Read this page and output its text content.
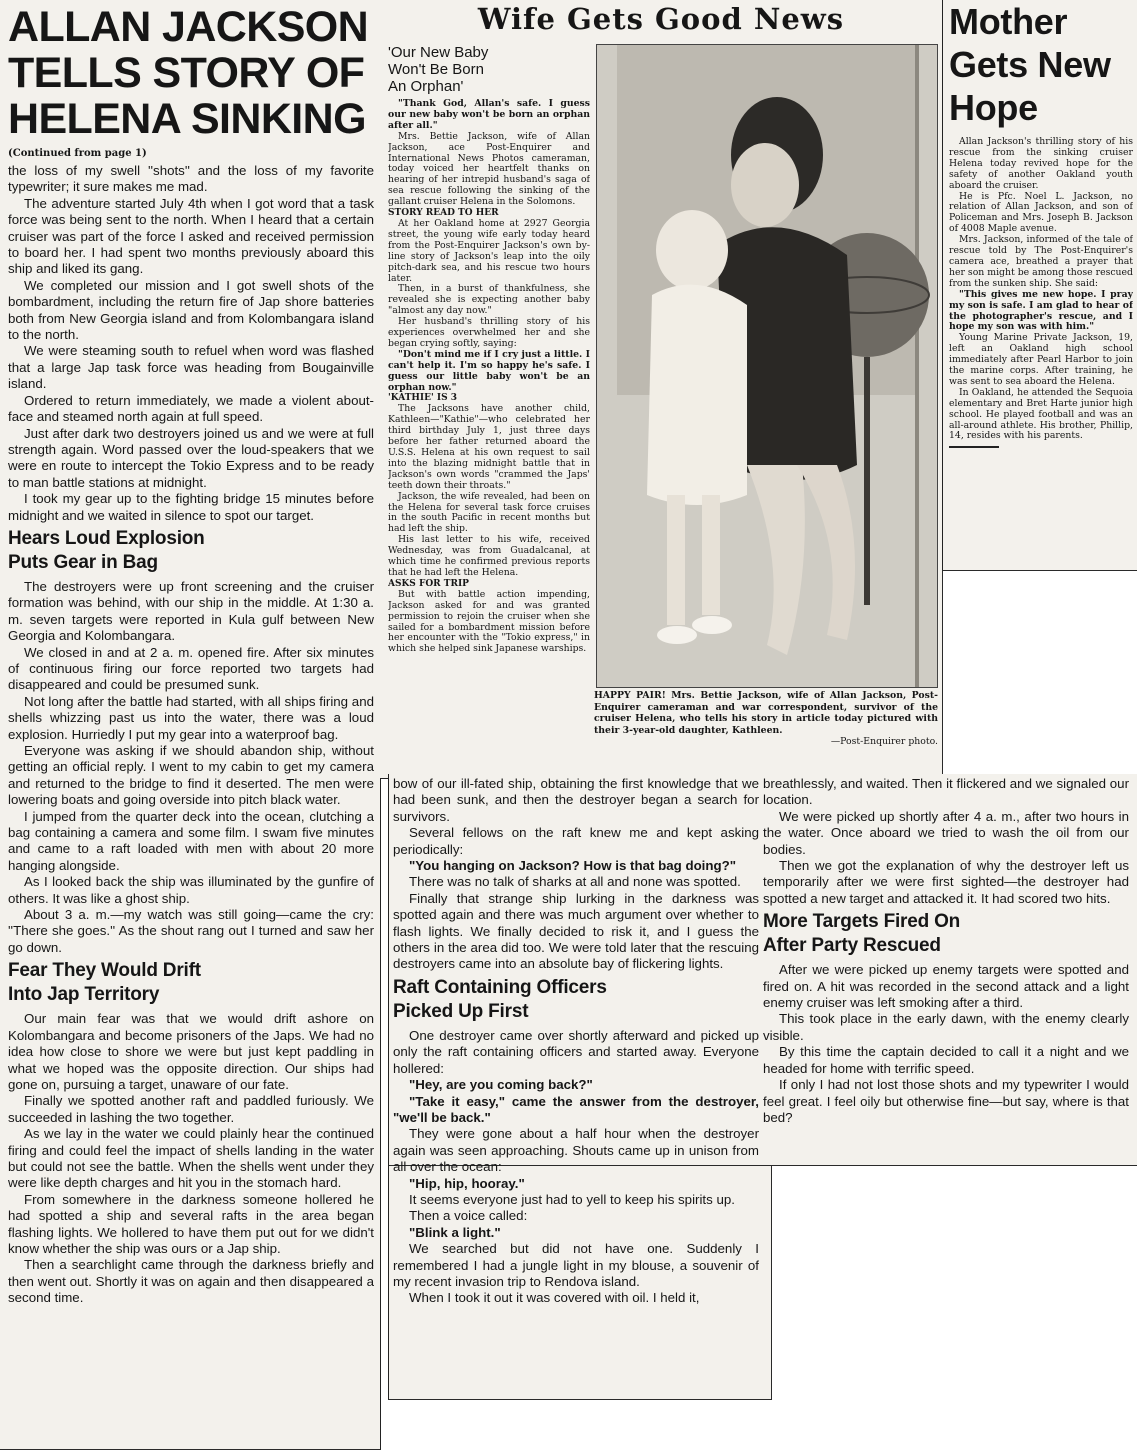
ALLAN JACKSON
TELLS STORY OF
HELENA SINKING
(Continued from page 1)

the loss of my swell ''shots'' and the loss of my favorite typewriter; it sure makes me mad.

The adventure started July 4th when I got word that a task force was being sent to the north. When I heard that a certain cruiser was part of the force I asked and received permission to board her. I had spent two months previously aboard this ship and liked its gang.

We completed our mission and I got swell shots of the bombardment, including the return fire of Jap shore batteries both from New Georgia island and from Kolombangara island to the north.

We were steaming south to refuel when word was flashed that a large Jap task force was heading from Bougainville island.

Ordered to return immediately, we made a violent about-face and steamed north again at full speed.

Just after dark two destroyers joined us and we were at full strength again. Word passed over the loud-speakers that we were en route to intercept the Tokio Express and to be ready to man battle stations at midnight.

I took my gear up to the fighting bridge 15 minutes before midnight and we waited in silence to spot our target.

Hears Loud Explosion
Puts Gear in Bag

The destroyers were up front screening and the cruiser formation was behind, with our ship in the middle. At 1:30 a. m. seven targets were reported in Kula gulf between New Georgia and Kolombangara.

We closed in and at 2 a. m. opened fire. After six minutes of continuous firing our force reported two targets had disappeared and could be presumed sunk.

Not long after the battle had started, with all ships firing and shells whizzing past us into the water, there was a loud explosion. Hurriedly I put my gear into a waterproof bag.

Everyone was asking if we should abandon ship, without getting an official reply. I went to my cabin to get my camera and returned to the bridge to find it deserted. The men were lowering boats and going overside into pitch black water.

I jumped from the quarter deck into the ocean, clutching a bag containing a camera and some film. I swam five minutes and came to a raft loaded with men with about 20 more hanging alongside.

As I looked back the ship was illuminated by the gunfire of others. It was like a ghost ship.

About 3 a. m.—my watch was still going—came the cry: ''There she goes.'' As the shout rang out I turned and saw her go down.

Fear They Would Drift
Into Jap Territory

Our main fear was that we would drift ashore on Kolombangara and become prisoners of the Japs. We had no idea how close to shore we were but just kept paddling in what we hoped was the opposite direction. Our ships had gone on, pursuing a target, unaware of our fate.

Finally we spotted another raft and paddled furiously. We succeeded in lashing the two together.

As we lay in the water we could plainly hear the continued firing and could feel the impact of shells landing in the water but could not see the battle. When the shells went under they were like depth charges and hit you in the stomach hard.

From somewhere in the darkness someone hollered he had spotted a ship and several rafts in the area began flashing lights. We hollered to have them put out for we didn't know whether the ship was ours or a Jap ship.

Then a searchlight came through the darkness briefly and then went out. Shortly it was on again and then disappeared a second time.

Wife Gets Good News
'Our New Baby
Won't Be Born
An Orphan'

"Thank God, Allan's safe. I guess our new baby won't be born an orphan after all."

Mrs. Bettie Jackson, wife of Allan Jackson, ace Post-Enquirer and International News Photos cameraman, today voiced her heartfelt thanks on hearing of her intrepid husband's saga of sea rescue following the sinking of the gallant cruiser Helena in the Solomons.

STORY READ TO HER

At her Oakland home at 2927 Georgia street, the young wife early today heard from the Post-Enquirer Jackson's own by-line story of Jackson's leap into the oily pitch-dark sea, and his rescue two hours later.

Then, in a burst of thankfulness, she revealed she is expecting another baby "almost any day now."

Her husband's thrilling story of his experiences overwhelmed her and she began crying softly, saying:

"Don't mind me if I cry just a little. I can't help it. I'm so happy he's safe. I guess our little baby won't be an orphan now."

'KATHIE' IS 3

The Jacksons have another child, Kathleen—"Kathie"—who celebrated her third birthday July 1, just three days before her father returned aboard the U.S.S. Helena at his own request to sail into the blazing midnight battle that in Jackson's own words "crammed the Japs' teeth down their throats."

Jackson, the wife revealed, had been on the Helena for several task force cruises in the south Pacific in recent months but had left the ship.

His last letter to his wife, received Wednesday, was from Guadalcanal, at which time he confirmed previous reports that he had left the Helena.

ASKS FOR TRIP

But with battle action impending, Jackson asked for and was granted permission to rejoin the cruiser when she sailed for a bombardment mission before her encounter with the "Tokio express," in which she helped sink Japanese warships.

HAPPY PAIR! Mrs. Bettie Jackson, wife of Allan Jackson, Post-Enquirer cameraman and war correspondent, survivor of the cruiser Helena, who tells his story in article today pictured with their 3-year-old daughter, Kathleen.
—Post-Enquirer photo.
Mother
Gets New
Hope

Allan Jackson's thrilling story of his rescue from the sinking cruiser Helena today revived hope for the safety of another Oakland youth aboard the cruiser.

He is Pfc. Noel L. Jackson, no relation of Allan Jackson, and son of Policeman and Mrs. Joseph B. Jackson of 4008 Maple avenue.

Mrs. Jackson, informed of the tale of rescue told by The Post-Enquirer's camera ace, breathed a prayer that her son might be among those rescued from the sunken ship. She said:

"This gives me new hope. I pray my son is safe. I am glad to hear of the photographer's rescue, and I hope my son was with him."

Young Marine Private Jackson, 19, left an Oakland high school immediately after Pearl Harbor to join the marine corps. After training, he was sent to sea aboard the Helena.

In Oakland, he attended the Sequoia elementary and Bret Harte junior high school. He played football and was an all-around athlete. His brother, Phillip, 14, resides with his parents.

bow of our ill-fated ship, obtaining the first knowledge that we had been sunk, and then the destroyer began a search for survivors.

Several fellows on the raft knew me and kept asking periodically:

"You hanging on Jackson? How is that bag doing?"

There was no talk of sharks at all and none was spotted.

Finally that strange ship lurking in the darkness was spotted again and there was much argument over whether to flash lights. We finally decided to risk it, and I guess the others in the area did too. We were told later that the rescuing destroyers came into an absolute bay of flickering lights.

Raft Containing Officers
Picked Up First

One destroyer came over shortly afterward and picked up only the raft containing officers and started away. Everyone hollered:

"Hey, are you coming back?"

"Take it easy," came the answer from the destroyer, "we'll be back."

They were gone about a half hour when the destroyer again was seen approaching. Shouts came up in unison from all over the ocean:

"Hip, hip, hooray."

It seems everyone just had to yell to keep his spirits up.

Then a voice called:

"Blink a light."

We searched but did not have one. Suddenly I remembered I had a jungle light in my blouse, a souvenir of my recent invasion trip to Rendova island.

When I took it out it was covered with oil. I held it,

breathlessly, and waited. Then it flickered and we signaled our location.

We were picked up shortly after 4 a. m., after two hours in the water. Once aboard we tried to wash the oil from our bodies.

Then we got the explanation of why the destroyer left us temporarily after we were first sighted—the destroyer had spotted a new target and attacked it. It had scored two hits.

More Targets Fired On
After Party Rescued

After we were picked up enemy targets were spotted and fired on. A hit was recorded in the second attack and a light enemy cruiser was left smoking after a third.

This took place in the early dawn, with the enemy clearly visible.

By this time the captain decided to call it a night and we headed for home with terrific speed.

If only I had not lost those shots and my typewriter I would feel great. I feel oily but otherwise fine—but say, where is that bed?
